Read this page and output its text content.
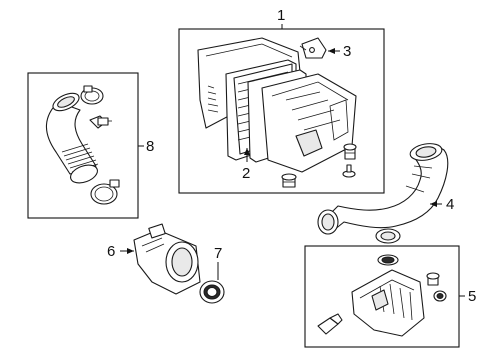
1
2
3
4
5
6	7
8
